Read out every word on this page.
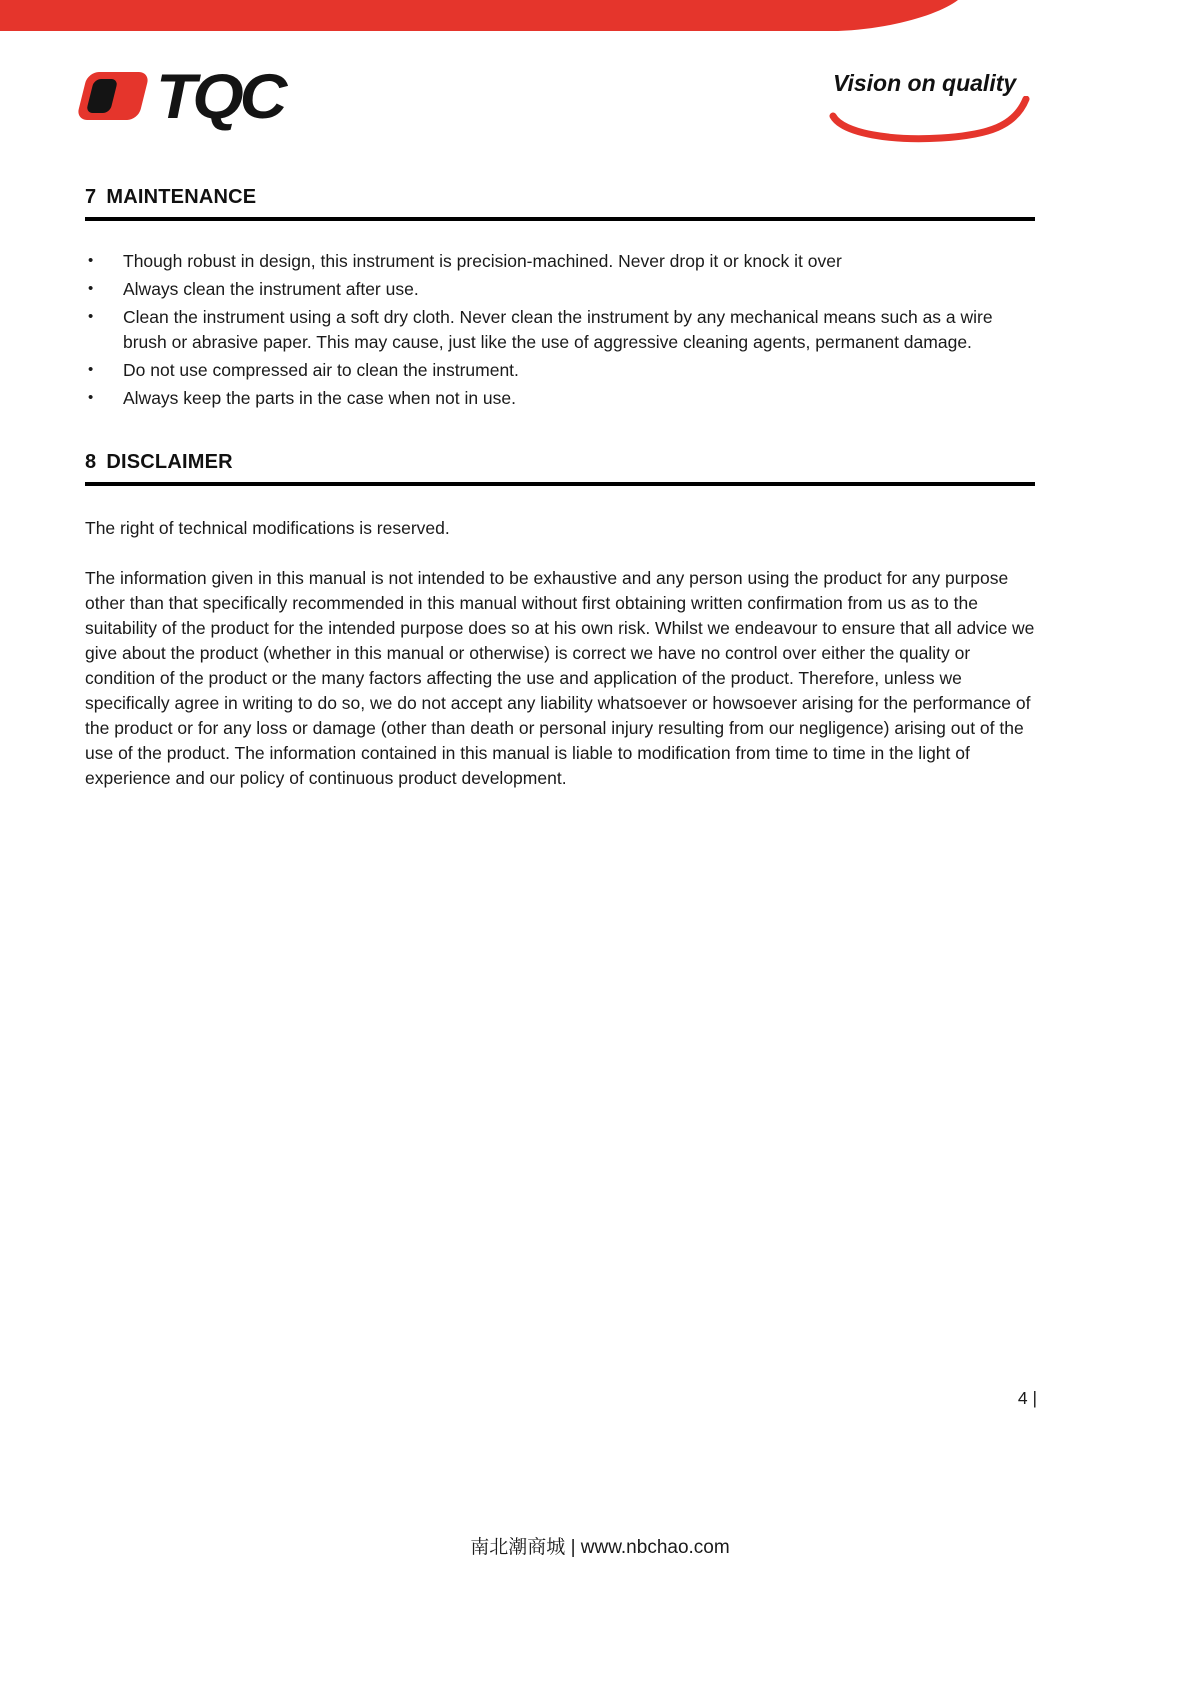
TQC	Vision on quality
7 MAINTENANCE
• Though robust in design, this instrument is precision-machined. Never drop it or knock it over
• Always clean the instrument after use.
• Clean the instrument using a soft dry cloth. Never clean the instrument by any mechanical means such as a wire brush or abrasive paper. This may cause, just like the use of aggressive cleaning agents, permanent damage.
• Do not use compressed air to clean the instrument.
• Always keep the parts in the case when not in use.
8 DISCLAIMER

The right of technical modifications is reserved.

The information given in this manual is not intended to be exhaustive and any person using the product for any purpose other than that specifically recommended in this manual without first obtaining written confirmation from us as to the suitability of the product for the intended purpose does so at his own risk. Whilst we endeavour to ensure that all advice we give about the product (whether in this manual or otherwise) is correct we have no control over either the quality or condition of the product or the many factors affecting the use and application of the product. Therefore, unless we specifically agree in writing to do so, we do not accept any liability whatsoever or howsoever arising for the performance of the product or for any loss or damage (other than death or personal injury resulting from our negligence) arising out of the use of the product. The information contained in this manual is liable to modification from time to time in the light of experience and our policy of continuous product development.

4 |
南北潮商城 | www.nbchao.com
